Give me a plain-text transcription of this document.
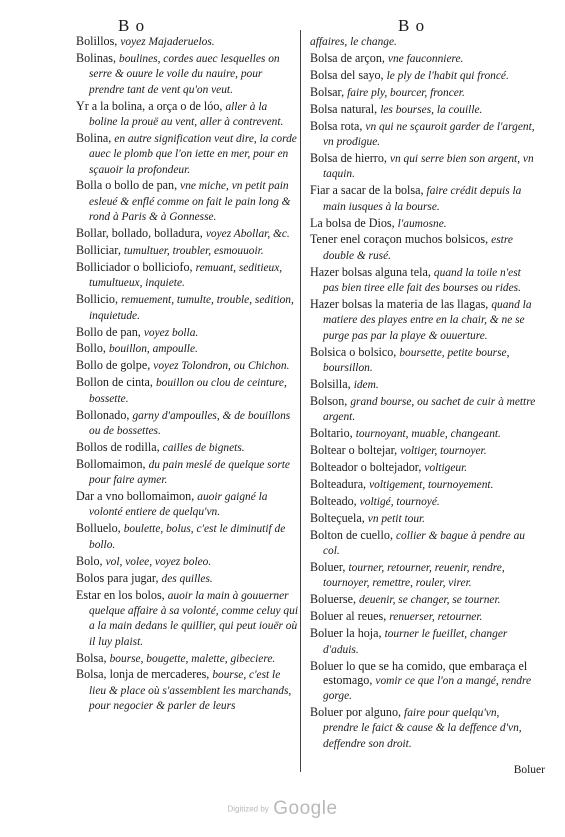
B o	B o
Bolillos, voyez Majaderuelos.
Bolinas, boulines, cordes auec lesquelles on serre & ouure le voile du nauire, pour prendre tant de vent qu'on veut.
Yr a la bolina, a orça o de lóo, aller à la boline la prouë au vent, aller à contrevent.
Bolina, en autre signification veut dire, la corde auec le plomb que l'on iette en mer, pour en sçauoir la profondeur.
Bolla o bollo de pan, vne miche, vn petit pain esleué & enflé comme on fait le pain long & rond à Paris & à Gonnesse.
Bollar, bollado, bolladura, voyez Abollar, &c.
Bolliciar, tumultuer, troubler, esmouuoir.
Bolliciador o bolliciofo, remuant, seditieux, tumultueux, inquiete.
Bollicio, remuement, tumulte, trouble, sedition, inquietude.
Bollo de pan, voyez bolla.
Bollo, bouillon, ampoulle.
Bollo de golpe, voyez Tolondron, ou Chichon.
Bollon de cinta, bouillon ou clou de ceinture, bossette.
Bollonado, garny d'ampoulles, & de bouillons ou de bossettes.
Bollos de rodilla, cailles de bignets.
Bollomaimon, du pain meslé de quelque sorte pour faire aymer.
Dar a vno bollomaimon, auoir gaigné la volonté entiere de quelqu'vn.
Bolluelo, boulette, bolus, c'est le diminutif de bollo.
Bolo, vol, volee, voyez boleo.
Bolos para jugar, des quilles.
Estar en los bolos, auoir la main à gouuerner quelque affaire à sa volonté, comme celuy qui a la main dedans le quillier, qui peut iouër où il luy plaist.
Bolsa, bourse, bougette, malette, gibeciere.
Bolsa, lonja de mercaderes, bourse, c'est le lieu & place où s'assemblent les marchands, pour negocier & parler de leurs
affaires, le change.
Bolsa de arçon, vne fauconniere.
Bolsa del sayo, le ply de l'habit qui froncé.
Bolsar, faire ply, bourcer, froncer.
Bolsa natural, les bourses, la couille.
Bolsa rota, vn qui ne sçauroit garder de l'argent, vn prodigue.
Bolsa de hierro, vn qui serre bien son argent, vn taquin.
Fiar a sacar de la bolsa, faire crédit depuis la main iusques à la bourse.
La bolsa de Dios, l'aumosne.
Tener enel coraçon muchos bolsicos, estre double & rusé.
Hazer bolsas alguna tela, quand la toile n'est pas bien tiree elle fait des bourses ou rides.
Hazer bolsas la materia de las llagas, quand la matiere des playes entre en la chair, & ne se purge pas par la playe & ouuerture.
Bolsica o bolsico, boursette, petite bourse, boursillon.
Bolsilla, idem.
Bolson, grand bourse, ou sachet de cuir à mettre argent.
Boltario, tournoyant, muable, changeant.
Boltear o boltejar, voltiger, tournoyer.
Bolteador o boltejador, voltigeur.
Bolteadura, voltigement, tournoyement.
Bolteado, voltigé, tournoyé.
Bolteçuela, vn petit tour.
Bolton de cuello, collier & bague à pendre au col.
Boluer, tourner, retourner, reuenir, rendre, tournoyer, remettre, rouler, virer.
Boluerse, deuenir, se changer, se tourner.
Boluer al reues, renuerser, retourner.
Boluer la hoja, tourner le fueillet, changer d'aduis.
Boluer lo que se ha comido, que embaraça el estomago, vomir ce que l'on a mangé, rendre gorge.
Boluer por alguno, faire pour quelqu'vn, prendre le faict & cause & la deffence d'vn, deffendre son droit.
Boluer
Digitized by Google
